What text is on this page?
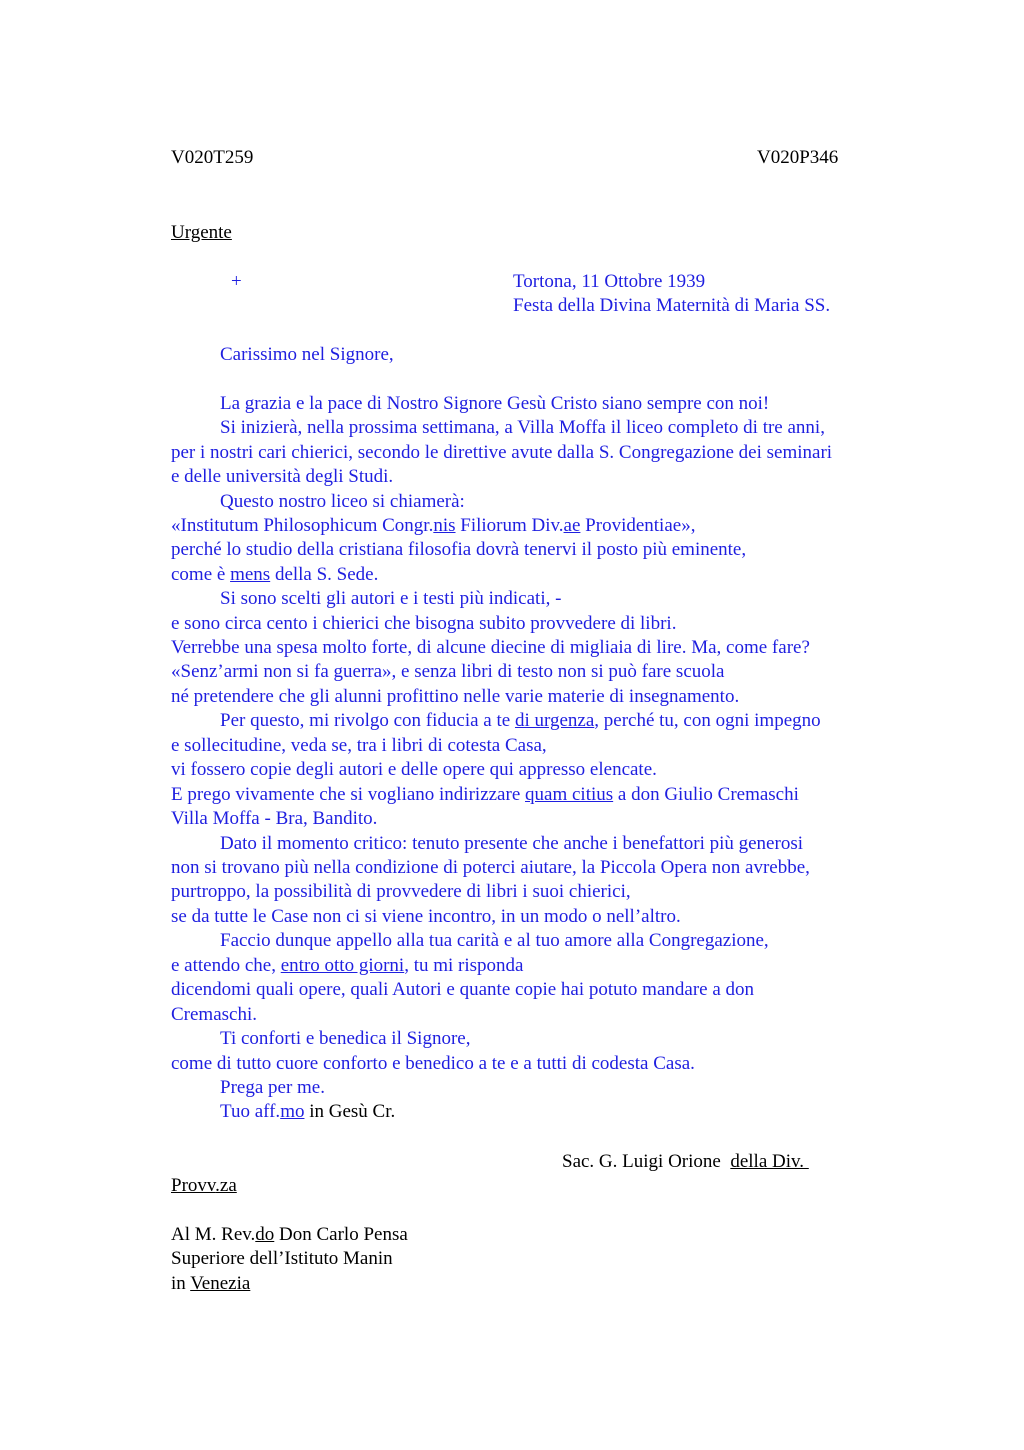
V020T259	V020P346
Urgente
+	Tortona, 11 Ottobre 1939
Festa della Divina Maternità di Maria SS.
Carissimo nel Signore,
La grazia e la pace di Nostro Signore Gesù Cristo siano sempre con noi!
Si inizierà, nella prossima settimana, a Villa Moffa il liceo completo di tre anni,
per i nostri cari chierici, secondo le direttive avute dalla S. Congregazione dei seminari
e delle università degli Studi.
Questo nostro liceo si chiamerà:
«Institutum Philosophicum Congr.nis Filiorum Div.ae Providentiae»,
perché lo studio della cristiana filosofia dovrà tenervi il posto più eminente,
come è mens della S. Sede.
Si sono scelti gli autori e i testi più indicati, -
e sono circa cento i chierici che bisogna subito provvedere di libri.
Verrebbe una spesa molto forte, di alcune diecine di migliaia di lire. Ma, come fare?
«Senz’armi non si fa guerra», e senza libri di testo non si può fare scuola
né pretendere che gli alunni profittino nelle varie materie di insegnamento.
Per questo, mi rivolgo con fiducia a te di urgenza, perché tu, con ogni impegno
e sollecitudine, veda se, tra i libri di cotesta Casa,
vi fossero copie degli autori e delle opere qui appresso elencate.
E prego vivamente che si vogliano indirizzare quam citius a don Giulio Cremaschi
Villa Moffa - Bra, Bandito.
Dato il momento critico: tenuto presente che anche i benefattori più generosi
non si trovano più nella condizione di poterci aiutare, la Piccola Opera non avrebbe,
purtroppo, la possibilità di provvedere di libri i suoi chierici,
se da tutte le Case non ci si viene incontro, in un modo o nell’altro.
Faccio dunque appello alla tua carità e al tuo amore alla Congregazione,
e attendo che, entro otto giorni, tu mi risponda
dicendomi quali opere, quali Autori e quante copie hai potuto mandare a don
Cremaschi.
Ti conforti e benedica il Signore,
come di tutto cuore conforto e benedico a te e a tutti di codesta Casa.
Prega per me.
Tuo aff.mo in Gesù Cr.
Sac. G. Luigi Orione  della Div.
Provv.za
Al M. Rev.do Don Carlo Pensa
Superiore dell’Istituto Manin
in Venezia
